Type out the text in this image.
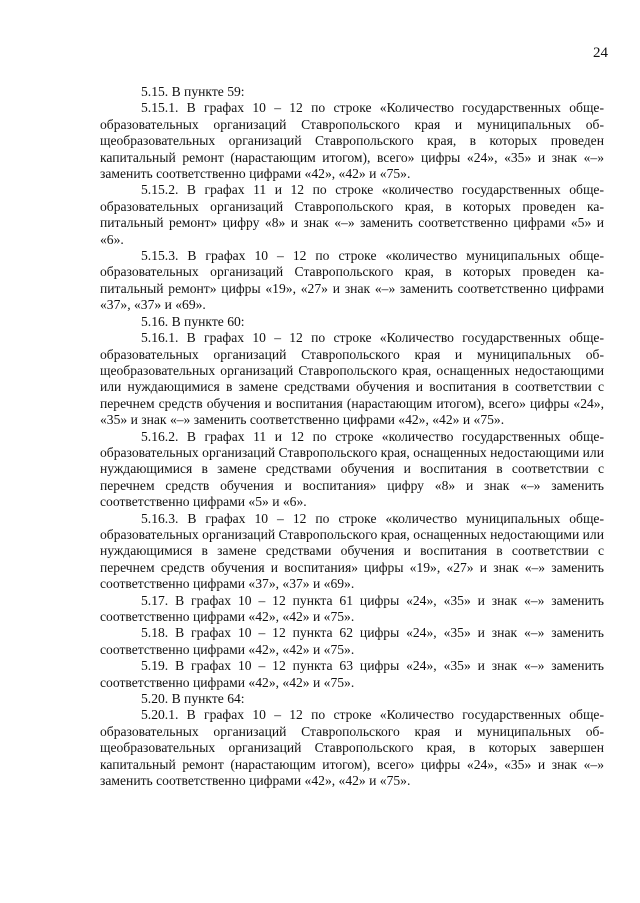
24

5.15. В пункте 59:

5.15.1. В графах 10 – 12 по строке «Количество государственных общеобразовательных организаций Ставропольского края и муниципальных общеобразовательных организаций Ставропольского края, в которых проведен капитальный ремонт (нарастающим итогом), всего» цифры «24», «35» и знак «–» заменить соответственно цифрами «42», «42» и «75».

5.15.2. В графах 11 и 12 по строке «количество государственных общеобразовательных организаций Ставропольского края, в которых проведен капитальный ремонт» цифру «8» и знак «–» заменить соответственно цифрами «5» и «6».

5.15.3. В графах 10 – 12 по строке «количество муниципальных общеобразовательных организаций Ставропольского края, в которых проведен капитальный ремонт» цифры «19», «27» и знак «–» заменить соответственно цифрами «37», «37» и «69».

5.16. В пункте 60:

5.16.1. В графах 10 – 12 по строке «Количество государственных общеобразовательных организаций Ставропольского края и муниципальных общеобразовательных организаций Ставропольского края, оснащенных недостающими или нуждающимися в замене средствами обучения и воспитания в соответствии с перечнем средств обучения и воспитания (нарастающим итогом), всего» цифры «24», «35» и знак «–» заменить соответственно цифрами «42», «42» и «75».

5.16.2. В графах 11 и 12 по строке «количество государственных общеобразовательных организаций Ставропольского края, оснащенных недостающими или нуждающимися в замене средствами обучения и воспитания в соответствии с перечнем средств обучения и воспитания» цифру «8» и знак «–» заменить соответственно цифрами «5» и «6».

5.16.3. В графах 10 – 12 по строке «количество муниципальных общеобразовательных организаций Ставропольского края, оснащенных недостающими или нуждающимися в замене средствами обучения и воспитания в соответствии с перечнем средств обучения и воспитания» цифры «19», «27» и знак «–» заменить соответственно цифрами «37», «37» и «69».

5.17. В графах 10 – 12 пункта 61 цифры «24», «35» и знак «–» заменить соответственно цифрами «42», «42» и «75».

5.18. В графах 10 – 12 пункта 62 цифры «24», «35» и знак «–» заменить соответственно цифрами «42», «42» и «75».

5.19. В графах 10 – 12 пункта 63 цифры «24», «35» и знак «–» заменить соответственно цифрами «42», «42» и «75».

5.20. В пункте 64:

5.20.1. В графах 10 – 12 по строке «Количество государственных общеобразовательных организаций Ставропольского края и муниципальных общеобразовательных организаций Ставропольского края, в которых завершен капитальный ремонт (нарастающим итогом), всего» цифры «24», «35» и знак «–» заменить соответственно цифрами «42», «42» и «75».
